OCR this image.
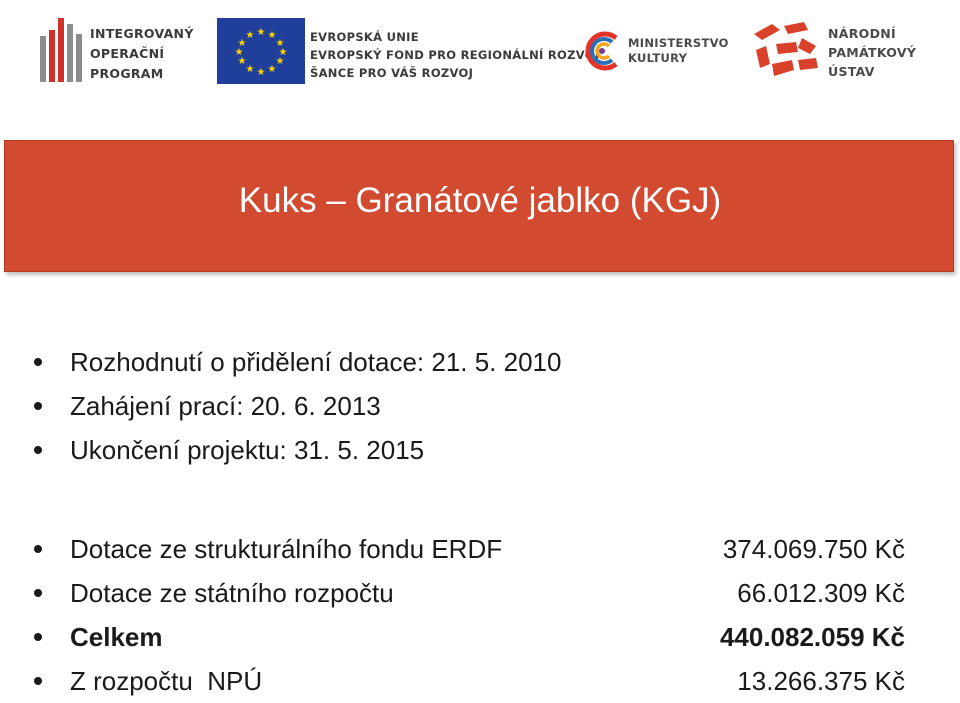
INTEGROVANÝ
OPERAČNÍ
PROGRAM
★ ★
★
★
★
★
★
★
★
★
★
★	EVROPSKÁ UNIE
EVROPSKÝ FOND PRO REGIONÁLNÍ ROZVOJ
ŠANCE PRO VÁŠ ROZVOJ
MINISTERSTVO
KULTURY
NÁRODNÍ
PAMÁTKOVÝ
ÚSTAV
Kuks – Granátové jablko (KGJ)
Rozhodnutí o přidělení dotace: 21. 5. 2010
Zahájení prací: 20. 6. 2013
Ukončení projektu: 31. 5. 2015
Dotace ze strukturálního fondu ERDF	374.069.750 Kč
Dotace ze státního rozpočtu	66.012.309 Kč
Celkem	440.082.059 Kč
Z rozpočtu  NPÚ	13.266.375 Kč
